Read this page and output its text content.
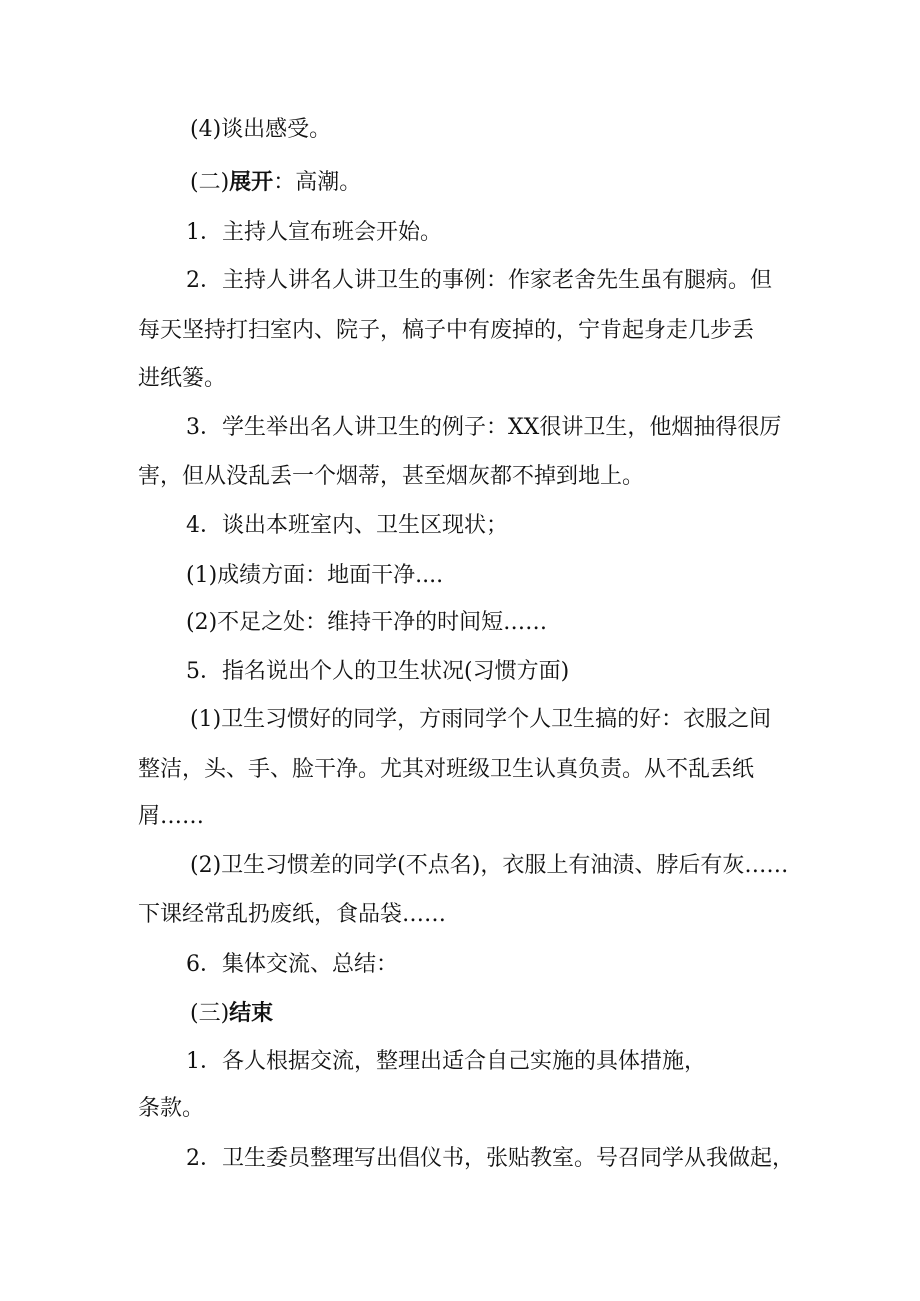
(4)谈出感受。
(二)展开：高潮。
1．主持人宣布班会开始。
2．主持人讲名人讲卫生的事例：作家老舍先生虽有腿病。但
每天坚持打扫室内、院子，槁子中有废掉的，宁肯起身走几步丢
进纸篓。
3．学生举出名人讲卫生的例子：XX很讲卫生，他烟抽得很厉
害，但从没乱丢一个烟蒂，甚至烟灰都不掉到地上。
4．谈出本班室内、卫生区现状；
(1)成绩方面：地面干净....
(2)不足之处：维持干净的时间短……
5．指名说出个人的卫生状况(习惯方面)
(1)卫生习惯好的同学，方雨同学个人卫生搞的好：衣服之间
整洁，头、手、脸干净。尤其对班级卫生认真负责。从不乱丢纸
屑……
(2)卫生习惯差的同学(不点名)，衣服上有油渍、脖后有灰……
下课经常乱扔废纸，食品袋……
6．集体交流、总结：
(三)结束
1．各人根据交流，整理出适合自己实施的具体措施，
条款。
2．卫生委员整理写出倡仪书，张贴教室。号召同学从我做起，
